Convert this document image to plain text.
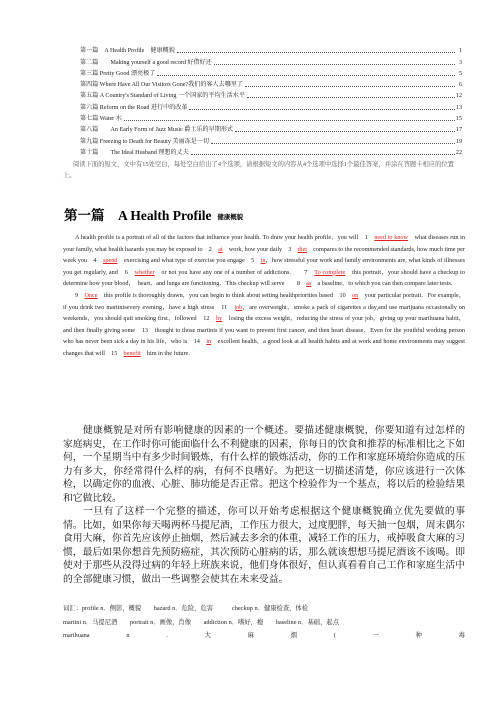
第一篇　A Health Profile　健康概貌	1
第二篇　　Making yourself a good record 好借好还	3
第三篇 Pretty Good 漂亮极了	5
第四篇 Where Have All Our Visitors Gone?我们的客人去哪里了	6
第五篇 A Country's Standard of Living 一个国家的平均生活水平	12
第六篇 Reform on the Road 进行中的改革	13
第七篇 Water 水	15
第八篇　　An Early Form of Jazz Music 爵士乐的早期形式	17
第九篇 Freezing to Death for Beauty 美丽冻是一切	19
第十篇　　The Ideal Husband 理想的丈夫	22
阅读下面的短文，文中有15处空白，每处空白给出了4个选项，请根据短文的内容从4个选项中选择1个最佳答案，并涂在答题卡相应的位置上。
第一篇　A Health Profile 健康概貌

A health profile is a portrait of all of the factors that influence your health. To draw your health profile，you will　1　need to know　what diseases run in your family, what health hazards you may be exposed to　2　at　work, how your daily　3　diet　compares to the recommended standards, how much time per week you　4　spend　exercising and what type of exercise you engage　5　in，how stressful your work and family environments are, what kinds of illnesses you get regularly, and　6　whether　or not you have any one of a number of addictions.　　7　To complete　this portrait，your should have a checkup to determine how your blood，　heart，and lungs are functioning．This checkup will serve　　8　as　a baseline，to which you can then compare later tests．

9　Once　this profile is thoroughly drawn，you can begin to think about setting healthpriorities based　10　on　your particular portrait．For example，if you drink two martinisevery evening，have a high stress　11　job，are overweight，smoke a pack of cigarettes a day,and use marijuana occasionally on weekends，you should quit smoking first，followed　12　by　losing the excess weight，reducing the stress of your job，giving up your marihuana habit，and then finally giving some　13　thought to those martinis if you want to prevent first cancer, and then heart disease．Even for the youthful working person who has never been sick a day in his life，who is　14　in　excellent health，a good look at all health habits and at work and home environments may suggest changes that will　15　benefit　him in the future．

健康概貌是对所有影响健康的因素的一个概述。要描述健康概貌，你要知道有过怎样的家庭病史，在工作时你可能面临什么不利健康的因素，你每日的饮食和推荐的标准相比之下如何，一个星期当中有多少时间锻炼，有什么样的锻炼活动，你的工作和家庭环境给你造成的压力有多大，你经常得什么样的病，有何不良嗜好。为把这一切描述清楚，你应该进行一次体检，以确定你的血液、心脏、肺功能是否正常。把这个检验作为一个基点，将以后的检验结果和它做比较。

一旦有了这样一个完整的描述，你可以开始考虑根据这个健康概貌确立优先要做的事情。比如，如果你每天喝两杯马提尼酒，工作压力很大，过度肥胖，每天抽一包烟，周末偶尔食用大麻，你首先应该停止抽烟，然后减去多余的体重，减轻工作的压力，戒掉吸食大麻的习惯，最后如果你想首先预防癌症，其次预防心脏病的话，那么就该想想马提尼酒该不该喝。即使对于那些从没得过病的年轻上班族来说，他们身体很好，但认真看看自己工作和家庭生活中的全部健康习惯，做出一些调整会使其在未来受益。

词汇：profile n．侧影，概貌　　hazard n．危险，危害　　　checkup n．健康检查，体检
martini n．马提尼酒　　portrait n．画像，肖像　　addiction n．嗜好，瘾　　baseline n．基础，起点
marihuana	n	.	大	麻	烟	(	一	种	毒
